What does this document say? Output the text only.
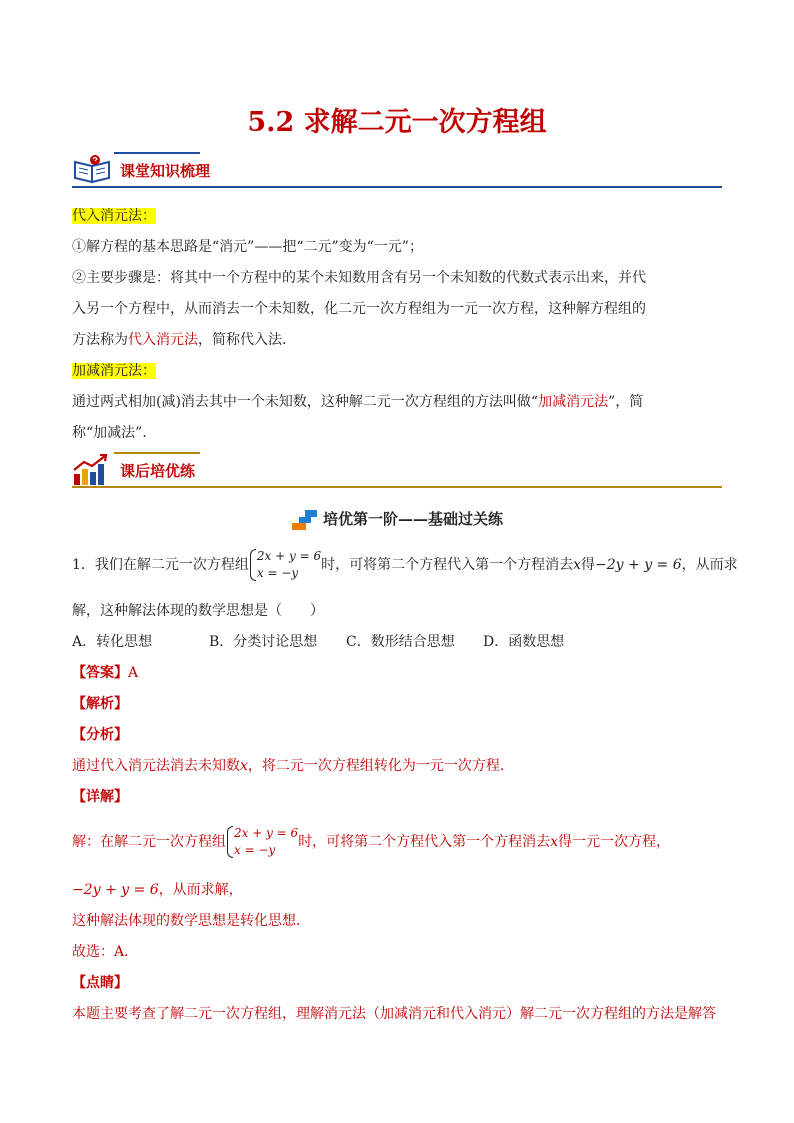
5.2 求解二元一次方程组
课堂知识梳理
代入消元法：
①解方程的基本思路是“消元”——把“二元”变为“一元”；
②主要步骤是：将其中一个方程中的某个未知数用含有另一个未知数的代数式表示出来，并代
入另一个方程中，从而消去一个未知数，化二元一次方程组为一元一次方程，这种解方程组的
方法称为代入消元法，简称代入法．
加减消元法：
通过两式相加(减)消去其中一个未知数，这种解二元一次方程组的方法叫做“加减消元法”，简
称“加减法”．
课后培优练
培优第一阶——基础过关练
1．我们在解二元一次方程组2x + y = 6
x = −y 时，可将第二个方程代入第一个方程消去x得−2y + y = 6，从而求
解，这种解法体现的数学思想是（　　）
A．转化思想	B．分类讨论思想 C．数形结合思想 D．函数思想
【答案】A
【解析】
【分析】
通过代入消元法消去未知数x，将二元一次方程组转化为一元一次方程．
【详解】
解：在解二元一次方程组2x + y = 6
x = −y 时，可将第二个方程代入第一个方程消去x得一元一次方程，
−2y + y = 6，从而求解，
这种解法体现的数学思想是转化思想．
故选：A．
【点睛】
本题主要考查了解二元一次方程组，理解消元法（加减消元和代入消元）解二元一次方程组的方法是解答
